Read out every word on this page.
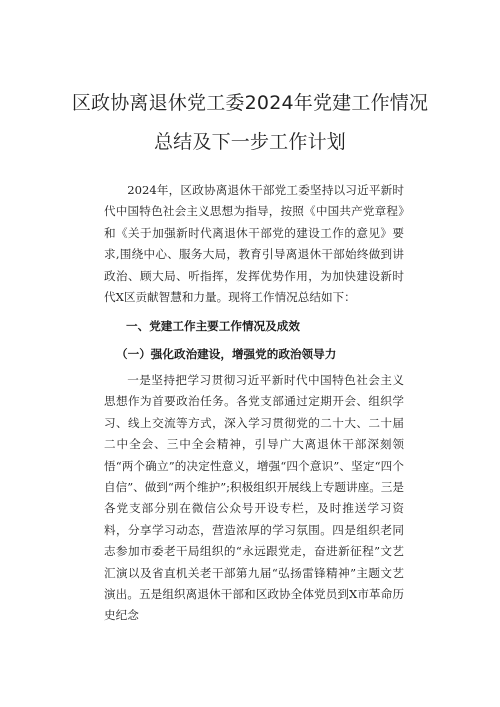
区政协离退休党工委2024年党建工作情况
总结及下一步工作计划

2024年，区政协离退休干部党工委坚持以习近平新时代中国特色社会主义思想为指导，按照《中国共产党章程》和《关于加强新时代离退休干部党的建设工作的意见》要求,围绕中心、服务大局，教育引导离退休干部始终做到讲政治、顾大局、听指挥，发挥优势作用，为加快建设新时代X区贡献智慧和力量。现将工作情况总结如下：

一、党建工作主要工作情况及成效

（一）强化政治建设，增强党的政治领导力

一是坚持把学习贯彻习近平新时代中国特色社会主义思想作为首要政治任务。各党支部通过定期开会、组织学习、线上交流等方式，深入学习贯彻党的二十大、二十届二中全会、三中全会精神，引导广大离退休干部深刻领悟“两个确立”的决定性意义，增强“四个意识”、坚定“四个自信”、做到“两个维护”;积极组织开展线上专题讲座。三是各党支部分别在微信公众号开设专栏，及时推送学习资料，分享学习动态，营造浓厚的学习氛围。四是组织老同志参加市委老干局组织的“永远跟党走，奋进新征程”文艺汇演以及省直机关老干部第九届“弘扬雷锋精神”主题文艺演出。五是组织离退休干部和区政协全体党员到X市革命历史纪念
